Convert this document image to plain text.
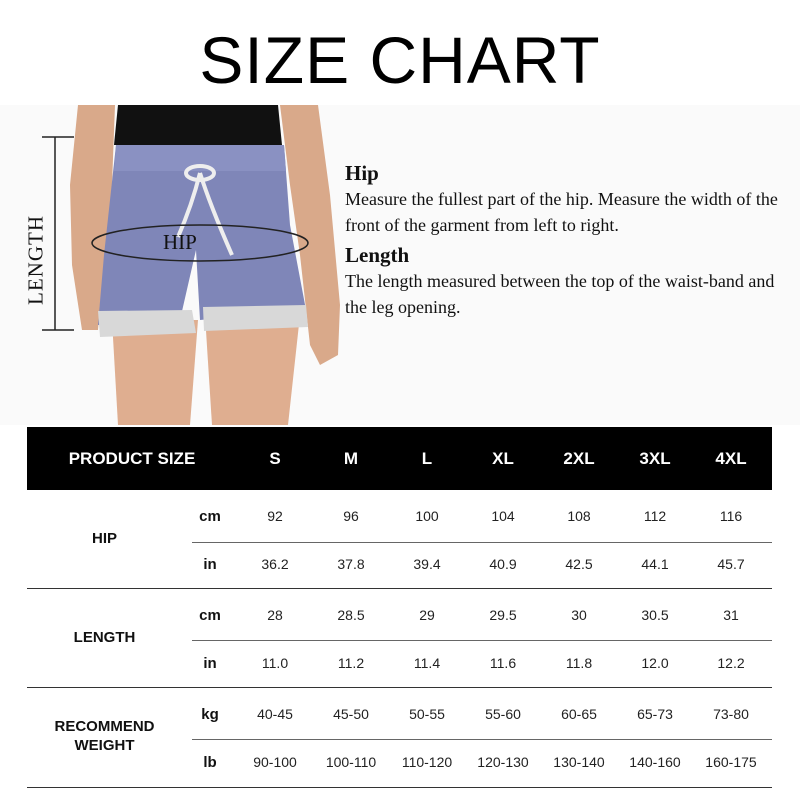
SIZE CHART
LENGTH	HIP

Hip

Measure the fullest part of the hip. Measure the width of the front of the garment from left to right.

Length

The length measured between the top of the waist-band and the leg opening.

PRODUCT SIZE	S	M	L	XL	2XL	3XL	4XL
HIP
cm	92	96	100	104	108	112	116
in	36.2	37.8	39.4	40.9	42.5	44.1	45.7
LENGTH
cm	28	28.5	29	29.5	30	30.5	31
in	11.0	11.2	11.4	11.6	11.8	12.0	12.2
RECOMMEND WEIGHT
kg	40-45	45-50	50-55	55-60	60-65	65-73	73-80
lb	90-100	100-110	110-120	120-130	130-140	140-160	160-175
